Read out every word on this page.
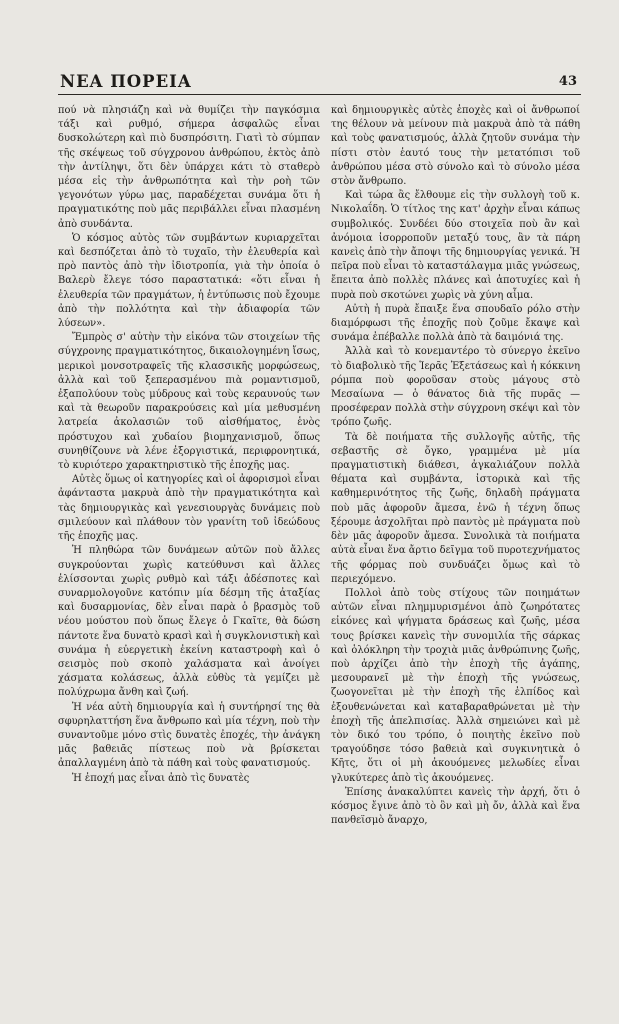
ΝΕΑ ΠΟΡΕΙΑ	43

πού νὰ πλησιάζη καὶ νὰ θυμίζει τὴν παγκόσμια τάξι καὶ ρυθμό, σήμερα ἀσφαλῶς εἶναι δυσκολώτερη καὶ πιὸ δυσπρόσιτη. Γιατὶ τὸ σύμπαν τῆς σκέψεως τοῦ σύγχρονου ἀνθρώπου, ἐκτὸς ἀπὸ τὴν ἀντίληψι, ὅτι δὲν ὑπάρχει κάτι τὸ σταθερὸ μέσα εἰς τὴν ἀνθρωπότητα καὶ τὴν ροὴ τῶν γεγονότων γύρω μας, παραδέχεται συνάμα ὅτι ἡ πραγματικότης ποὺ μᾶς περιβάλλει εἶναι πλασμένη ἀπὸ συνδάντα.

Ὁ κόσμος αὐτὸς τῶν συμβάντων κυριαρχεῖται καὶ δεσπόζεται ἀπὸ τὸ τυχαῖο, τὴν ἐλευθερία καὶ πρὸ παντὸς ἀπὸ τὴν ἰδιοτροπία, γιὰ τὴν ὁποία ὁ Βαλερὺ ἔλεγε τόσο παραστατικά: «ὅτι εἶναι ἡ ἐλευθερία τῶν πραγμάτων, ἡ ἐντύπωσις ποὺ ἔχουμε ἀπὸ τὴν πολλότητα καὶ τὴν ἀδιαφορία τῶν λύσεων».

Ἔμπρὸς σ' αὐτὴν τὴν εἰκόνα τῶν στοιχείων τῆς σύγχρονης πραγματικότητος, δικαιολογημένη ἴσως, μερικοὶ μονσοτραφεῖς τῆς κλασσικῆς μορφώσεως, ἀλλὰ καὶ τοῦ ξεπερασμένου πιὰ ρομαντισμοῦ, ἐξαπολύουν τοὺς μύδρους καὶ τοὺς κεραυνούς των καὶ τὰ θεωροῦν παρακρούσεις καὶ μία μεθυσμένη λατρεία ἀκολασιῶν τοῦ αἰσθήματος, ἑνὸς πρόστυχου καὶ χυδαίου βιομηχανισμοῦ, ὅπως συνηθίζουνε νὰ λένε ἐξοργιστικά, περιφρονητικά, τὸ κυριότερο χαρακτηριστικὸ τῆς ἐποχῆς μας.

Αὐτὲς ὅμως οἱ κατηγορίες καὶ οἱ ἀφορισμοὶ εἶναι ἀφάνταστα μακρυὰ ἀπὸ τὴν πραγματικότητα καὶ τὰς δημιουργικὰς καὶ γενεσιουργὰς δυνάμεις ποὺ σμιλεύουν καὶ πλάθουν τὸν γρανίτη τοῦ ἰδεώδους τῆς ἐποχῆς μας.

Ἡ πληθώρα τῶν δυνάμεων αὐτῶν ποὺ ἄλλες συγκρούονται χωρὶς κατεύθυνσι καὶ ἄλλες ἑλίσσονται χωρὶς ρυθμὸ καὶ τάξι ἀδέσποτες καὶ συναρμολογοῦνε κατόπιν μία δέσμη τῆς ἀταξίας καὶ δυσαρμονίας, δὲν εἶναι παρὰ ὁ βρασμὸς τοῦ νέου μούστου ποὺ ὅπως ἔλεγε ὁ Γκαῖτε, θὰ δώση πάντοτε ἕνα δυνατὸ κρασὶ καὶ ἡ συγκλονιστικὴ καὶ συνάμα ἡ εὐεργετικὴ ἐκείνη καταστροφὴ καὶ ὁ σεισμὸς ποὺ σκοπὸ χαλάσματα καὶ ἀνοίγει χάσματα κολάσεως, ἀλλὰ εὐθὺς τὰ γεμίζει μὲ πολύχρωμα ἄνθη καὶ ζωή.

Ἡ νέα αὐτὴ δημιουργία καὶ ἡ συντήρησί της θὰ σφυρηλαττήση ἕνα ἄνθρωπο καὶ μία τέχνη, ποὺ τὴν συναντοῦμε μόνο στὶς δυνατὲς ἐποχές, τὴν ἀνάγκη μᾶς βαθειᾶς πίστεως ποὺ νὰ βρίσκεται ἀπαλλαγμένη ἀπὸ τὰ πάθη καὶ τοὺς φανατισμούς.

Ἡ ἐποχή μας εἶναι ἀπὸ τὶς δυνατὲς

καὶ δημιουργικὲς αὐτὲς ἐποχὲς καὶ οἱ ἄνθρωποί της θέλουν νὰ μείνουν πιὰ μακρυὰ ἀπὸ τὰ πάθη καὶ τοὺς φανατισμούς, ἀλλὰ ζητοῦν συνάμα τὴν πίστι στὸν ἑαυτό τους τὴν μετατόπισι τοῦ ἀνθρώπου μέσα στὸ σύνολο καὶ τὸ σύνολο μέσα στὸν ἄνθρωπο.

Καὶ τώρα ἂς ἔλθουμε εἰς τὴν συλλογὴ τοῦ κ. Νικολαΐδη. Ὁ τίτλος της κατ' ἀρχὴν εἶναι κάπως συμβολικός. Συνδέει δύο στοιχεῖα ποὺ ἂν καὶ ἀνόμοια ἰσορροποῦν μεταξύ τους, ἂν τὰ πάρη κανεὶς ἀπὸ τὴν ἄποψι τῆς δημιουργίας γενικά. Ἡ πεῖρα ποὺ εἶναι τὸ καταστάλαγμα μιᾶς γνώσεως, ἔπειτα ἀπὸ πολλὲς πλάνες καὶ ἀποτυχίες καὶ ἡ πυρὰ ποὺ σκοτώνει χωρὶς νὰ χύνη αἷμα.

Αὐτὴ ἡ πυρὰ ἔπαιξε ἕνα σπουδαῖο ρόλο στὴν διαμόρφωσι τῆς ἐποχῆς ποὺ ζοῦμε ἔκαψε καὶ συνάμα ἐπέβαλλε πολλὰ ἀπὸ τὰ δαιμόνιά της.

Ἀλλὰ καὶ τὸ κονεμαντέρο τὸ σύνεργο ἐκεῖνο τὸ διαβολικὸ τῆς Ἱερᾶς Ἐξετάσεως καὶ ἡ κόκκινη ρόμπα ποὺ φοροῦσαν στοὺς μάγους στὸ Μεσαίωνα — ὁ θάνατος διὰ τῆς πυρᾶς — προσέφεραν πολλὰ στὴν σύγχρονη σκέψι καὶ τὸν τρόπο ζωῆς.

Τὰ δὲ ποιήματα τῆς συλλογῆς αὐτῆς, τῆς σεβαστῆς σὲ ὄγκο, γραμμένα μὲ μία πραγματιστικὴ διάθεσι, ἀγκαλιάζουν πολλὰ θέματα καὶ συμβάντα, ἱστορικὰ καὶ τῆς καθημερινότητος τῆς ζωῆς, δηλαδὴ πράγματα ποὺ μᾶς ἀφοροῦν ἄμεσα, ἐνῶ ἡ τέχνη ὅπως ξέρουμε ἀσχολῆται πρὸ παντὸς μὲ πράγματα ποὺ δὲν μᾶς ἀφοροῦν ἄμεσα. Συνολικὰ τὰ ποιήματα αὐτὰ εἶναι ἕνα ἄρτιο δεῖγμα τοῦ πυροτεχνήματος τῆς φόρμας ποὺ συνδυάζει ὅμως καὶ τὸ περιεχόμενο.

Πολλοὶ ἀπὸ τοὺς στίχους τῶν ποιημάτων αὐτῶν εἶναι πλημμυρισμένοι ἀπὸ ζωηρότατες εἰκόνες καὶ ψήγματα δράσεως καὶ ζωῆς, μέσα τους βρίσκει κανεὶς τὴν συνομιλία τῆς σάρκας καὶ ὁλόκληρη τὴν τροχιὰ μιᾶς ἀνθρώπινης ζωῆς, ποὺ ἀρχίζει ἀπὸ τὴν ἐποχὴ τῆς ἀγάπης, μεσουρανεῖ μὲ τὴν ἐποχὴ τῆς γνώσεως, ζωογονεῖται μὲ τὴν ἐποχὴ τῆς ἐλπίδος καὶ ἐξουθενώνεται καὶ καταβαραθρώνεται μὲ τὴν ἐποχὴ τῆς ἀπελπισίας. Ἀλλὰ σημειώνει καὶ μὲ τὸν δικό του τρόπο, ὁ ποιητὴς ἐκεῖνο ποὺ τραγούδησε τόσο βαθειὰ καὶ συγκινητικὰ ὁ Κῆτς, ὅτι οἱ μὴ ἀκουόμενες μελωδίες εἶναι γλυκύτερες ἀπὸ τὶς ἀκουόμενες.

Ἐπίσης ἀνακαλύπτει κανεὶς τὴν ἀρχή, ὅτι ὁ κόσμος ἔγινε ἀπὸ τὸ ὂν καὶ μὴ ὄν, ἀλλὰ καὶ ἕνα πανθεϊσμὸ ἄναρχο,
